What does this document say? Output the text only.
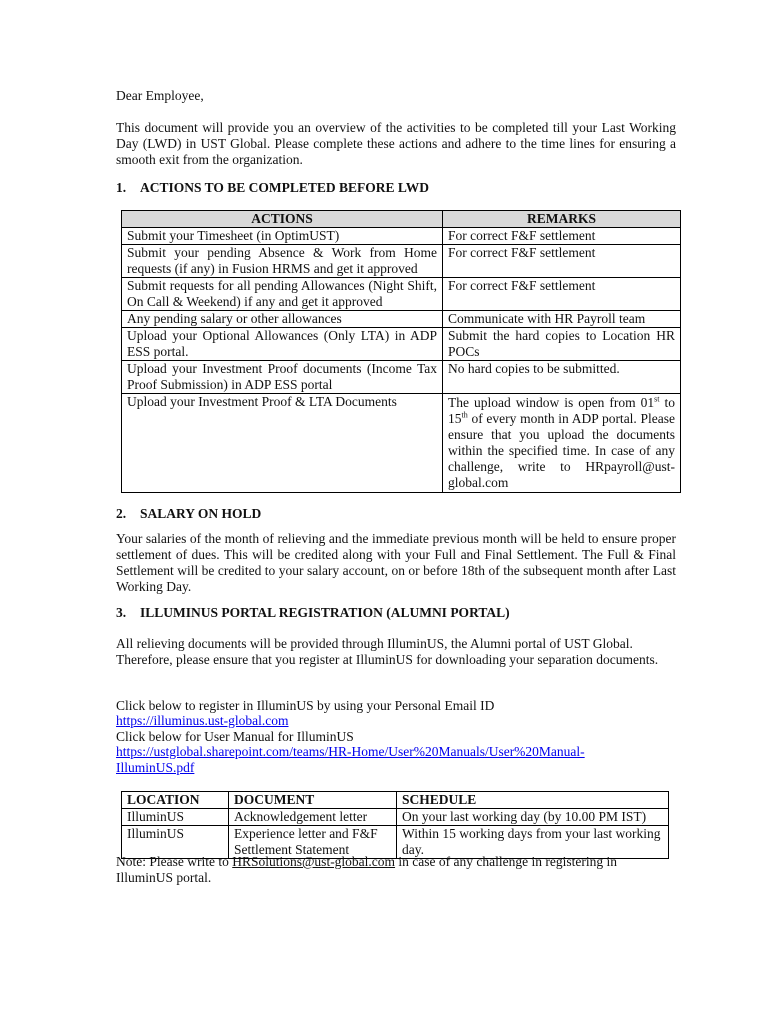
Dear Employee,

This document will provide you an overview of the activities to be completed till your Last Working Day (LWD) in UST Global. Please complete these actions and adhere to the time lines for ensuring a smooth exit from the organization.

1. ACTIONS TO BE COMPLETED BEFORE LWD
ACTIONS	REMARKS
Submit your Timesheet (in OptimUST)	For correct F&F settlement
Submit your pending Absence & Work from Home requests (if any) in Fusion HRMS and get it approved	For correct F&F settlement
Submit requests for all pending Allowances (Night Shift, On Call & Weekend) if any and get it approved	For correct F&F settlement
Any pending salary or other allowances	Communicate with HR Payroll team
Upload your Optional Allowances (Only LTA) in ADP ESS portal.	Submit the hard copies to Location HR POCs
Upload your Investment Proof documents (Income Tax Proof Submission) in ADP ESS portal	No hard copies to be submitted.
Upload your Investment Proof & LTA Documents	The upload window is open from 01st to 15th of every month in ADP portal. Please ensure that you upload the documents within the specified time. In case of any challenge, write to HRpayroll@ust-global.com
2. SALARY ON HOLD

Your salaries of the month of relieving and the immediate previous month will be held to ensure proper settlement of dues. This will be credited along with your Full and Final Settlement. The Full & Final Settlement will be credited to your salary account, on or before 18th of the subsequent month after Last Working Day.

3. ILLUMINUS PORTAL REGISTRATION (ALUMNI PORTAL)

All relieving documents will be provided through IlluminUS, the Alumni portal of UST Global. Therefore, please ensure that you register at IlluminUS for downloading your separation documents.

Click below to register in IlluminUS by using your Personal Email ID

https://illuminus.ust-global.com

Click below for User Manual for IlluminUS

https://ustglobal.sharepoint.com/teams/HR-Home/User%20Manuals/User%20Manual-
IlluminUS.pdf

LOCATION	DOCUMENT	SCHEDULE
IlluminUS	Acknowledgement letter	On your last working day (by 10.00 PM IST)
IlluminUS	Experience letter and F&F Settlement Statement	Within 15 working days from your last working day.

Note: Please write to HRSolutions@ust-global.com in case of any challenge in registering in IlluminUS portal.
